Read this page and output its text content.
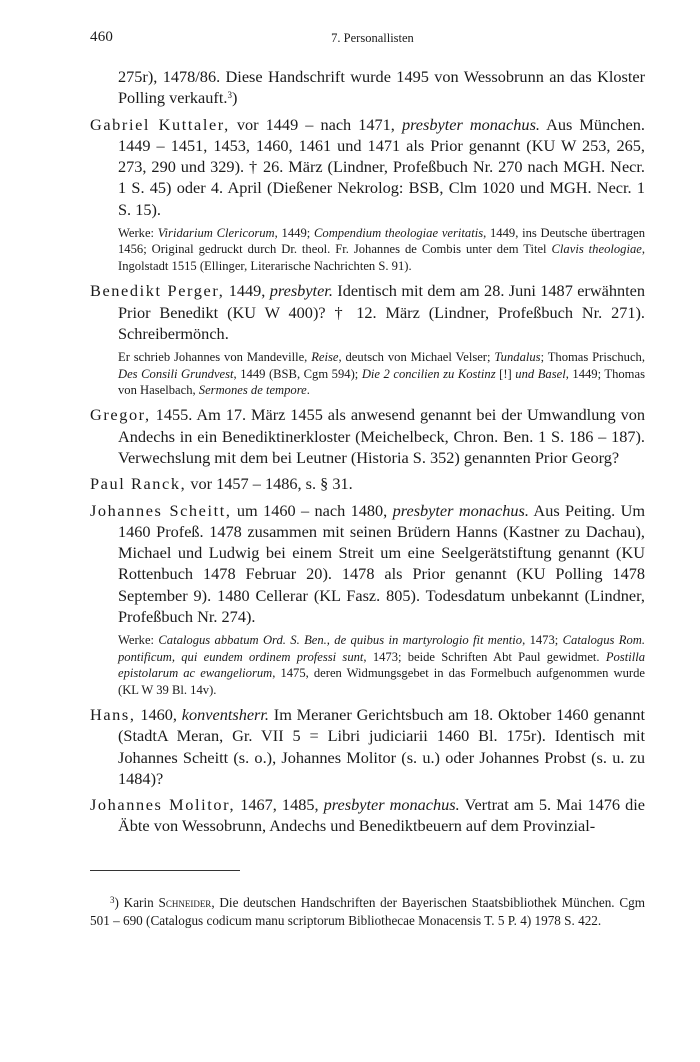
460	7. Personallisten

275r), 1478/86. Diese Handschrift wurde 1495 von Wessobrunn an das Kloster Polling verkauft.$^3$)

Gabriel Kuttaler, vor 1449 – nach 1471, presbyter monachus. Aus München. 1449 – 1451, 1453, 1460, 1461 und 1471 als Prior genannt (KU W 253, 265, 273, 290 und 329). † 26. März (Lindner, Profeßbuch Nr. 270 nach MGH. Necr. 1 S. 45) oder 4. April (Dießener Nekrolog: BSB, Clm 1020 und MGH. Necr. 1 S. 15).

Werke: Viridarium Clericorum, 1449; Compendium theologiae veritatis, 1449, ins Deutsche übertragen 1456; Original gedruckt durch Dr. theol. Fr. Johannes de Combis unter dem Titel Clavis theologiae, Ingolstadt 1515 (Ellinger, Literarische Nachrichten S. 91).

Benedikt Perger, 1449, presbyter. Identisch mit dem am 28. Juni 1487 erwähnten Prior Benedikt (KU W 400)? † 12. März (Lindner, Profeßbuch Nr. 271). Schreibermönch.

Er schrieb Johannes von Mandeville, Reise, deutsch von Michael Velser; Tundalus; Thomas Prischuch, Des Consili Grundvest, 1449 (BSB, Cgm 594); Die 2 concilien zu Kostinz [!] und Basel, 1449; Thomas von Haselbach, Sermones de tempore.

Gregor, 1455. Am 17. März 1455 als anwesend genannt bei der Umwandlung von Andechs in ein Benediktinerkloster (Meichelbeck, Chron. Ben. 1 S. 186 – 187). Verwechslung mit dem bei Leutner (Historia S. 352) genannten Prior Georg?

Paul Ranck, vor 1457 – 1486, s. § 31.

Johannes Scheitt, um 1460 – nach 1480, presbyter monachus. Aus Peiting. Um 1460 Profeß. 1478 zusammen mit seinen Brüdern Hanns (Kastner zu Dachau), Michael und Ludwig bei einem Streit um eine Seelgerätstiftung genannt (KU Rottenbuch 1478 Februar 20). 1478 als Prior genannt (KU Polling 1478 September 9). 1480 Cellerar (KL Fasz. 805). Todesdatum unbekannt (Lindner, Profeßbuch Nr. 274).

Werke: Catalogus abbatum Ord. S. Ben., de quibus in martyrologio fit mentio, 1473; Catalogus Rom. pontificum, qui eundem ordinem professi sunt, 1473; beide Schriften Abt Paul gewidmet. Postilla epistolarum ac ewangeliorum, 1475, deren Widmungsgebet in das Formelbuch aufgenommen wurde (KL W 39 Bl. 14v).

Hans, 1460, konventsherr. Im Meraner Gerichtsbuch am 18. Oktober 1460 genannt (StadtA Meran, Gr. VII 5 = Libri judiciarii 1460 Bl. 175r). Identisch mit Johannes Scheitt (s. o.), Johannes Molitor (s. u.) oder Johannes Probst (s. u. zu 1484)?

Johannes Molitor, 1467, 1485, presbyter monachus. Vertrat am 5. Mai 1476 die Äbte von Wessobrunn, Andechs und Benediktbeuern auf dem Provinzial-

$^3$) Karin Schneider, Die deutschen Handschriften der Bayerischen Staatsbibliothek München. Cgm 501 – 690 (Catalogus codicum manu scriptorum Bibliothecae Monacensis T. 5 P. 4) 1978 S. 422.
